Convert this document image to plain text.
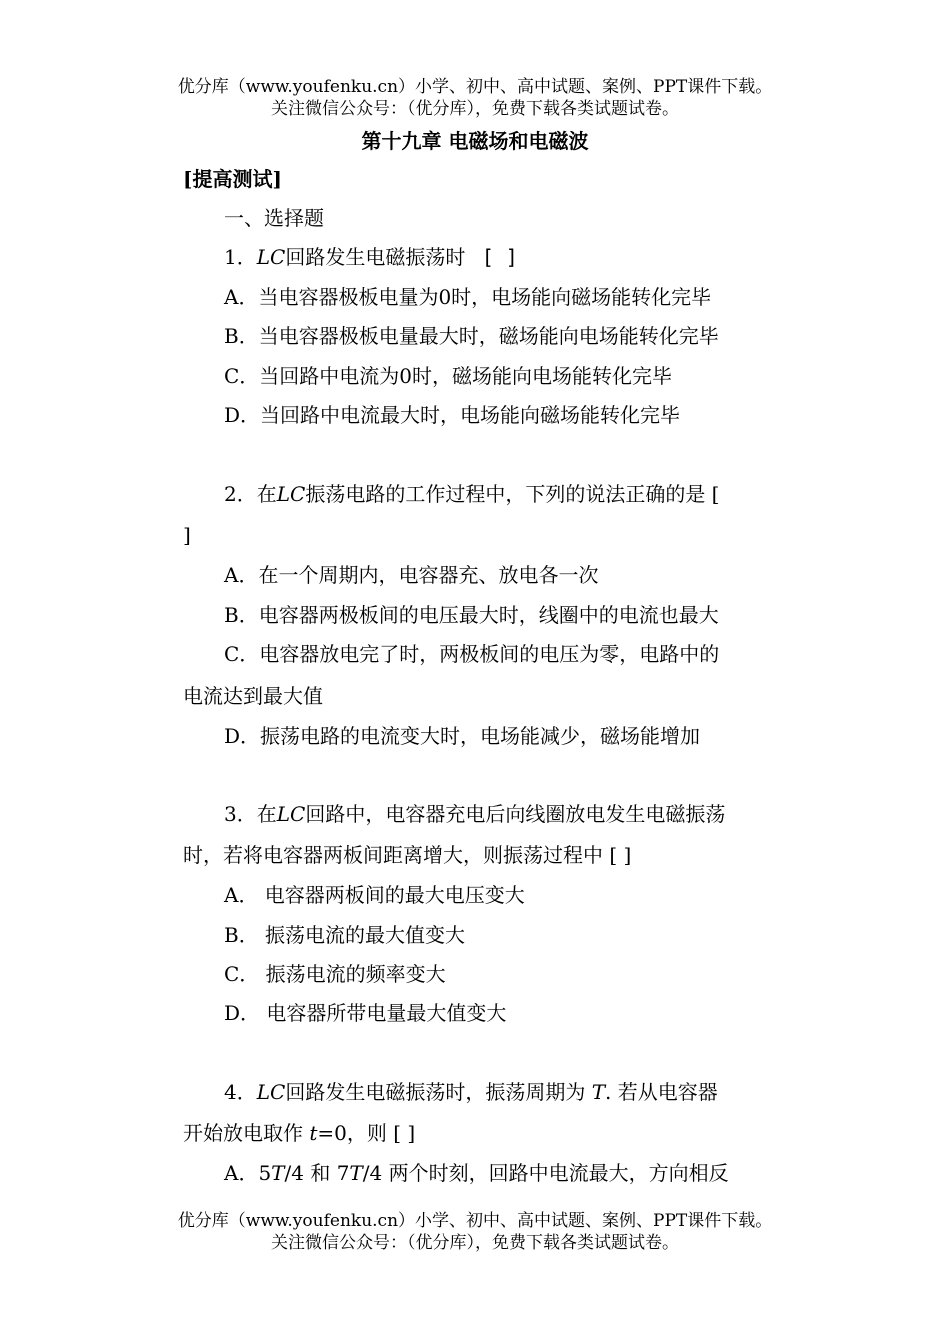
优分库（www.youfenku.cn）小学、初中、高中试题、案例、PPT课件下载。
关注微信公众号：（优分库），免费下载各类试题试卷。
第十九章 电磁场和电磁波
[提高测试]
一、选择题
1．LC回路发生电磁振荡时 [ ]
A．当电容器极板电量为0时，电场能向磁场能转化完毕
B．当电容器极板电量最大时，磁场能向电场能转化完毕
C．当回路中电流为0时，磁场能向电场能转化完毕
D．当回路中电流最大时，电场能向磁场能转化完毕
2．在LC振荡电路的工作过程中，下列的说法正确的是 [
]
A．在一个周期内，电容器充、放电各一次
B．电容器两极板间的电压最大时，线圈中的电流也最大
C．电容器放电完了时，两极板间的电压为零，电路中的
电流达到最大值
D．振荡电路的电流变大时，电场能减少，磁场能增加
3．在LC回路中，电容器充电后向线圈放电发生电磁振荡
时，若将电容器两板间距离增大，则振荡过程中 [ ]
A． 电容器两板间的最大电压变大
B． 振荡电流的最大值变大
C． 振荡电流的频率变大
D． 电容器所带电量最大值变大
4．LC回路发生电磁振荡时，振荡周期为 T. 若从电容器
开始放电取作 t=0，则 [ ]
A．5T/4 和 7T/4 两个时刻，回路中电流最大，方向相反
优分库（www.youfenku.cn）小学、初中、高中试题、案例、PPT课件下载。
关注微信公众号：（优分库），免费下载各类试题试卷。
